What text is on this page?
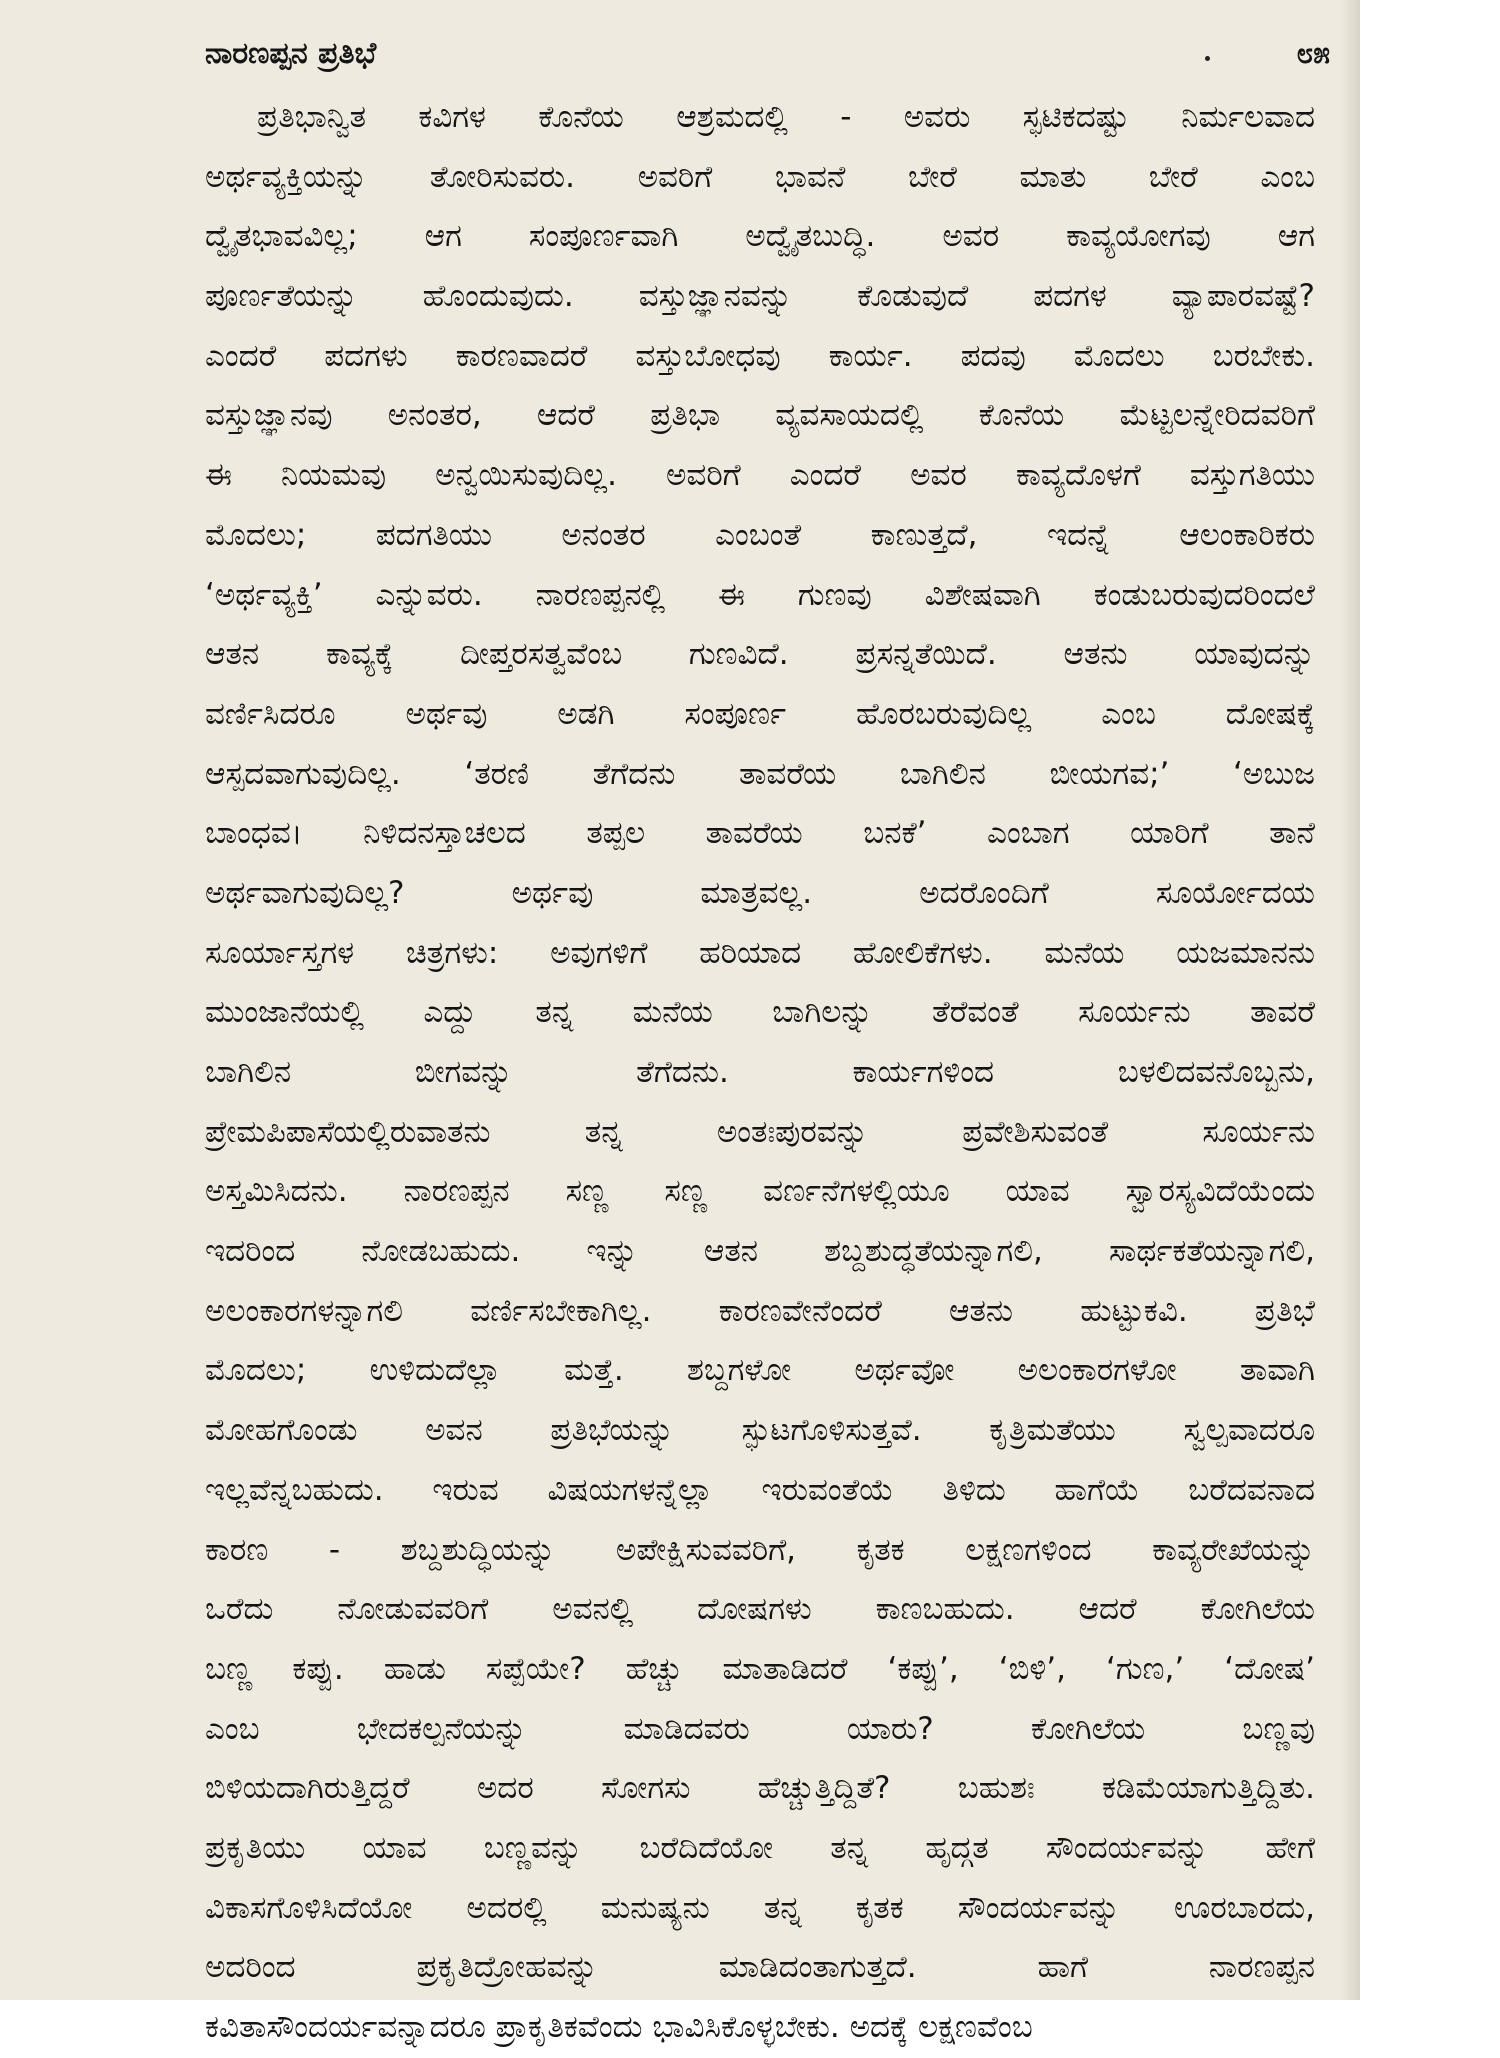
ನಾರಣಪ್ಪನ ಪ್ರತಿಭೆ	೮೫
ಪ್ರತಿಭಾನ್ವಿತ ಕವಿಗಳ ಕೊನೆಯ ಆಶ್ರಮದಲ್ಲಿ - ಅವರು ಸ್ಫಟಿಕದಷ್ಟು ನಿರ್ಮಲವಾದ
ಅರ್ಥವ್ಯಕ್ತಿಯನ್ನು ತೋರಿಸುವರು. ಅವರಿಗೆ ಭಾವನೆ ಬೇರೆ ಮಾತು ಬೇರೆ ಎಂಬ
ದ್ವೈತಭಾವವಿಲ್ಲ; ಆಗ ಸಂಪೂರ್ಣವಾಗಿ ಅದ್ವೈತಬುದ್ಧಿ. ಅವರ ಕಾವ್ಯಯೋಗವು ಆಗ
ಪೂರ್ಣತೆಯನ್ನು ಹೊಂದುವುದು. ವಸ್ತುಜ್ಞಾನವನ್ನು ಕೊಡುವುದೆ ಪದಗಳ ವ್ಯಾಪಾರವಷ್ಟೆ?
ಎಂದರೆ ಪದಗಳು ಕಾರಣವಾದರೆ ವಸ್ತುಬೋಧವು ಕಾರ್ಯ. ಪದವು ಮೊದಲು ಬರಬೇಕು.
ವಸ್ತುಜ್ಞಾನವು ಅನಂತರ, ಆದರೆ ಪ್ರತಿಭಾ ವ್ಯವಸಾಯದಲ್ಲಿ ಕೊನೆಯ ಮೆಟ್ಟಲನ್ನೇರಿದವರಿಗೆ
ಈ ನಿಯಮವು ಅನ್ವಯಿಸುವುದಿಲ್ಲ. ಅವರಿಗೆ ಎಂದರೆ ಅವರ ಕಾವ್ಯದೊಳಗೆ ವಸ್ತುಗತಿಯು
ಮೊದಲು; ಪದಗತಿಯು ಅನಂತರ ಎಂಬಂತೆ ಕಾಣುತ್ತದೆ, ಇದನ್ನೆ ಆಲಂಕಾರಿಕರು
‘ಅರ್ಥವ್ಯಕ್ತಿ’ ಎನ್ನುವರು. ನಾರಣಪ್ಪನಲ್ಲಿ ಈ ಗುಣವು ವಿಶೇಷವಾಗಿ ಕಂಡುಬರುವುದರಿಂದಲೆ
ಆತನ ಕಾವ್ಯಕ್ಕೆ ದೀಪ್ತರಸತ್ವವೆಂಬ ಗುಣವಿದೆ. ಪ್ರಸನ್ನತೆಯಿದೆ. ಆತನು ಯಾವುದನ್ನು
ವರ್ಣಿಸಿದರೂ ಅರ್ಥವು ಅಡಗಿ ಸಂಪೂರ್ಣ ಹೊರಬರುವುದಿಲ್ಲ ಎಂಬ ದೋಷಕ್ಕೆ
ಆಸ್ಪದವಾಗುವುದಿಲ್ಲ. ‘ತರಣಿ ತೆಗೆದನು ತಾವರೆಯ ಬಾಗಿಲಿನ ಬೀಯಗವ;’ ‘ಅಬುಜ
ಬಾಂಧವ। ನಿಳಿದನಸ್ತಾಚಲದ ತಪ್ಪಲ ತಾವರೆಯ ಬನಕೆ’ ಎಂಬಾಗ ಯಾರಿಗೆ ತಾನೆ
ಅರ್ಥವಾಗುವುದಿಲ್ಲ? ಅರ್ಥವು ಮಾತ್ರವಲ್ಲ. ಅದರೊಂದಿಗೆ ಸೂರ್ಯೋದಯ
ಸೂರ್ಯಾಸ್ತಗಳ ಚಿತ್ರಗಳು: ಅವುಗಳಿಗೆ ಹರಿಯಾದ ಹೋಲಿಕೆಗಳು. ಮನೆಯ ಯಜಮಾನನು
ಮುಂಜಾನೆಯಲ್ಲಿ ಎದ್ದು ತನ್ನ ಮನೆಯ ಬಾಗಿಲನ್ನು ತೆರೆವಂತೆ ಸೂರ್ಯನು ತಾವರೆ
ಬಾಗಿಲಿನ ಬೀಗವನ್ನು ತೆಗೆದನು. ಕಾರ್ಯಗಳಿಂದ ಬಳಲಿದವನೊಬ್ಬನು,
ಪ್ರೇಮಪಿಪಾಸೆಯಲ್ಲಿರುವಾತನು ತನ್ನ ಅಂತಃಪುರವನ್ನು ಪ್ರವೇಶಿಸುವಂತೆ ಸೂರ್ಯನು
ಅಸ್ತಮಿಸಿದನು. ನಾರಣಪ್ಪನ ಸಣ್ಣ ಸಣ್ಣ ವರ್ಣನೆಗಳಲ್ಲಿಯೂ ಯಾವ ಸ್ವಾರಸ್ಯವಿದೆಯೆಂದು
ಇದರಿಂದ ನೋಡಬಹುದು. ಇನ್ನು ಆತನ ಶಬ್ದಶುದ್ಧತೆಯನ್ನಾಗಲಿ, ಸಾರ್ಥಕತೆಯನ್ನಾಗಲಿ,
ಅಲಂಕಾರಗಳನ್ನಾಗಲಿ ವರ್ಣಿಸಬೇಕಾಗಿಲ್ಲ. ಕಾರಣವೇನೆಂದರೆ ಆತನು ಹುಟ್ಟುಕವಿ. ಪ್ರತಿಭೆ
ಮೊದಲು; ಉಳಿದುದೆಲ್ಲಾ ಮತ್ತೆ. ಶಬ್ದಗಳೋ ಅರ್ಥವೋ ಅಲಂಕಾರಗಳೋ ತಾವಾಗಿ
ಮೋಹಗೊಂಡು ಅವನ ಪ್ರತಿಭೆಯನ್ನು ಸ್ಫುಟಗೊಳಿಸುತ್ತವೆ. ಕೃತ್ರಿಮತೆಯು ಸ್ವಲ್ಪವಾದರೂ
ಇಲ್ಲವೆನ್ನಬಹುದು. ಇರುವ ವಿಷಯಗಳನ್ನೆಲ್ಲಾ ಇರುವಂತೆಯೆ ತಿಳಿದು ಹಾಗೆಯೆ ಬರೆದವನಾದ
ಕಾರಣ - ಶಬ್ದಶುದ್ಧಿಯನ್ನು ಅಪೇಕ್ಷಿಸುವವರಿಗೆ, ಕೃತಕ ಲಕ್ಷಣಗಳಿಂದ ಕಾವ್ಯರೇಖೆಯನ್ನು
ಒರೆದು ನೋಡುವವರಿಗೆ ಅವನಲ್ಲಿ ದೋಷಗಳು ಕಾಣಬಹುದು. ಆದರೆ ಕೋಗಿಲೆಯ
ಬಣ್ಣ ಕಪ್ಪು. ಹಾಡು ಸಪ್ಪೆಯೇ? ಹೆಚ್ಚು ಮಾತಾಡಿದರೆ ‘ಕಪ್ಪು’, ‘ಬಿಳಿ’, ‘ಗುಣ,’ ‘ದೋಷ’
ಎಂಬ ಭೇದಕಲ್ಪನೆಯನ್ನು ಮಾಡಿದವರು ಯಾರು? ಕೋಗಿಲೆಯ ಬಣ್ಣವು
ಬಿಳಿಯದಾಗಿರುತ್ತಿದ್ದರೆ ಅದರ ಸೋಗಸು ಹೆಚ್ಚುತ್ತಿದ್ದಿತೆ? ಬಹುಶಃ ಕಡಿಮೆಯಾಗುತ್ತಿದ್ದಿತು.
ಪ್ರಕೃತಿಯು ಯಾವ ಬಣ್ಣವನ್ನು ಬರೆದಿದೆಯೋ ತನ್ನ ಹೃದ್ಗತ ಸೌಂದರ್ಯವನ್ನು ಹೇಗೆ
ವಿಕಾಸಗೊಳಿಸಿದೆಯೋ ಅದರಲ್ಲಿ ಮನುಷ್ಯನು ತನ್ನ ಕೃತಕ ಸೌಂದರ್ಯವನ್ನು ಊರಬಾರದು,
ಅದರಿಂದ ಪ್ರಕೃತಿದ್ರೋಹವನ್ನು ಮಾಡಿದಂತಾಗುತ್ತದೆ. ಹಾಗೆ ನಾರಣಪ್ಪನ
ಕವಿತಾಸೌಂದರ್ಯವನ್ನಾದರೂ ಪ್ರಾಕೃತಿಕವೆಂದು ಭಾವಿಸಿಕೊಳ್ಳಬೇಕು. ಅದಕ್ಕೆ ಲಕ್ಷಣವೆಂಬ
